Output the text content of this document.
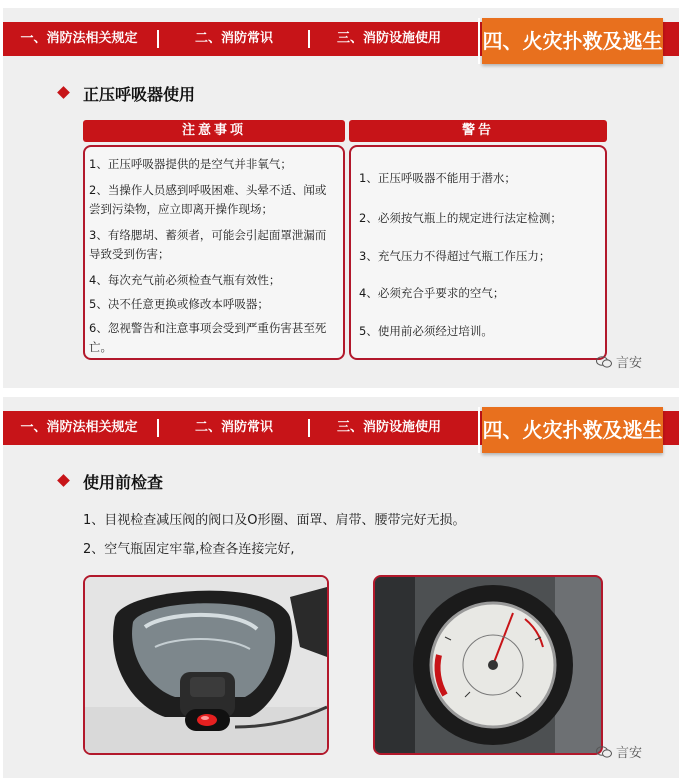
一、消防法相关规定	二、消防常识	三、消防设施使用	四、火灾扑救及逃生
正压呼吸器使用
注意事项
1、正压呼吸器提供的是空气并非氧气；
2、当操作人员感到呼吸困难、头晕不适、闻或尝到污染物，应立即离开操作现场；
3、有络腮胡、蓄须者，可能会引起面罩泄漏而导致受到伤害；
4、每次充气前必须检查气瓶有效性；
5、决不任意更换或修改本呼吸器；
6、忽视警告和注意事项会受到严重伤害甚至死亡。
警告
1、正压呼吸器不能用于潜水；
2、必须按气瓶上的规定进行法定检测；
3、充气压力不得超过气瓶工作压力；
4、必须充合乎要求的空气；
5、使用前必须经过培训。
言安
一、消防法相关规定	二、消防常识	三、消防设施使用	四、火灾扑救及逃生
使用前检查
1、目视检查减压阀的阀口及O形圈、面罩、肩带、腰带完好无损。
2、空气瓶固定牢靠,检查各连接完好,
言安
